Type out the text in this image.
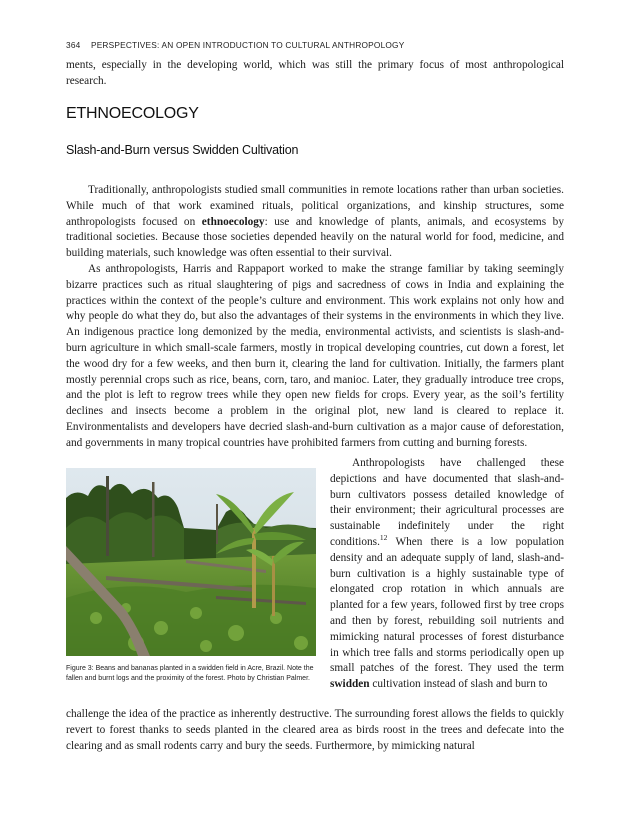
364 PERSPECTIVES: AN OPEN INTRODUCTION TO CULTURAL ANTHROPOLOGY

ments, especially in the developing world, which was still the primary focus of most anthropological research.

ETHNOECOLOGY
Slash-and-Burn versus Swidden Cultivation

Traditionally, anthropologists studied small communities in remote locations rather than urban societies. While much of that work examined rituals, political organizations, and kinship structures, some anthropologists focused on ethnoecology: use and knowledge of plants, animals, and ecosystems by traditional societies. Because those societies depended heavily on the natural world for food, medicine, and building materials, such knowledge was often essential to their survival.

As anthropologists, Harris and Rappaport worked to make the strange familiar by taking seemingly bizarre practices such as ritual slaughtering of pigs and sacredness of cows in India and explaining the practices within the context of the people’s culture and environment. This work explains not only how and why people do what they do, but also the advantages of their systems in the environments in which they live. An indigenous practice long demonized by the media, environmental activists, and scientists is slash-and-burn agriculture in which small-scale farmers, mostly in tropical developing countries, cut down a forest, let the wood dry for a few weeks, and then burn it, clearing the land for cultivation. Initially, the farmers plant mostly perennial crops such as rice, beans, corn, taro, and manioc. Later, they gradually introduce tree crops, and the plot is left to regrow trees while they open new fields for crops. Every year, as the soil’s fertility declines and insects become a problem in the original plot, new land is cleared to replace it. Environmentalists and developers have decried slash-and-burn cultivation as a major cause of deforestation, and governments in many tropical countries have prohibited farmers from cutting and burning forests.

Figure 3: Beans and bananas planted in a swidden field in Acre, Brazil. Note the fallen and burnt logs and the proximity of the forest. Photo by Christian Palmer.

Anthropologists have challenged these depictions and have documented that slash-and-burn cultivators possess detailed knowledge of their environment; their agricultural processes are sustainable indefinitely under the right conditions.$^{12}$ When there is a low population density and an adequate supply of land, slash-and-burn cultivation is a highly sustainable type of elongated crop rotation in which annuals are planted for a few years, followed first by tree crops and then by forest, rebuilding soil nutrients and mimicking natural processes of forest disturbance in which tree falls and storms periodically open up small patches of the forest. They used the term swidden cultivation instead of slash and burn to

challenge the idea of the practice as inherently destructive. The surrounding forest allows the fields to quickly revert to forest thanks to seeds planted in the cleared area as birds roost in the trees and defecate into the clearing and as small rodents carry and bury the seeds. Furthermore, by mimicking natural
